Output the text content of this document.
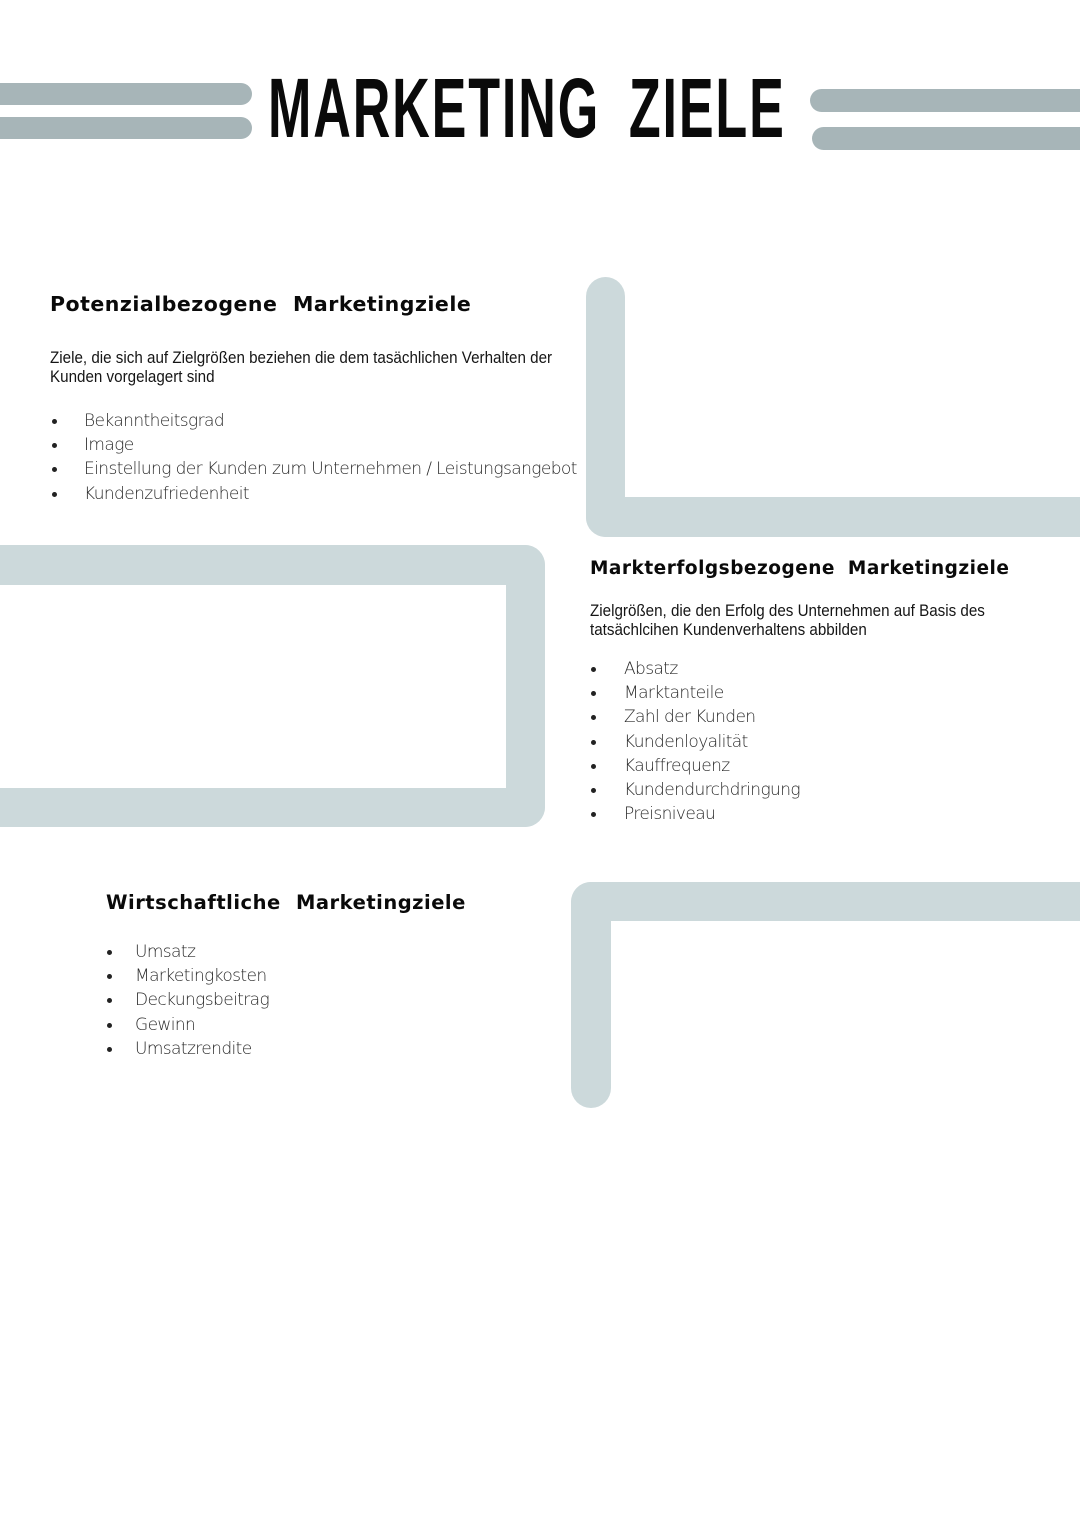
MARKETING ZIELE
Potenzialbezogene Marketingziele
Ziele, die sich auf Zielgrößen beziehen die dem tasächlichen Verhalten der Kunden vorgelagert sind
Bekanntheitsgrad
Image
Einstellung der Kunden zum Unternehmen / Leistungsangebot
Kundenzufriedenheit
Markterfolgsbezogene Marketingziele
Zielgrößen, die den Erfolg des Unternehmen auf Basis des tatsächlcihen Kundenverhaltens abbilden
Absatz
Marktanteile
Zahl der Kunden
Kundenloyalität
Kauffrequenz
Kundendurchdringung
Preisniveau
Wirtschaftliche Marketingziele
Umsatz
Marketingkosten
Deckungsbeitrag
Gewinn
Umsatzrendite
